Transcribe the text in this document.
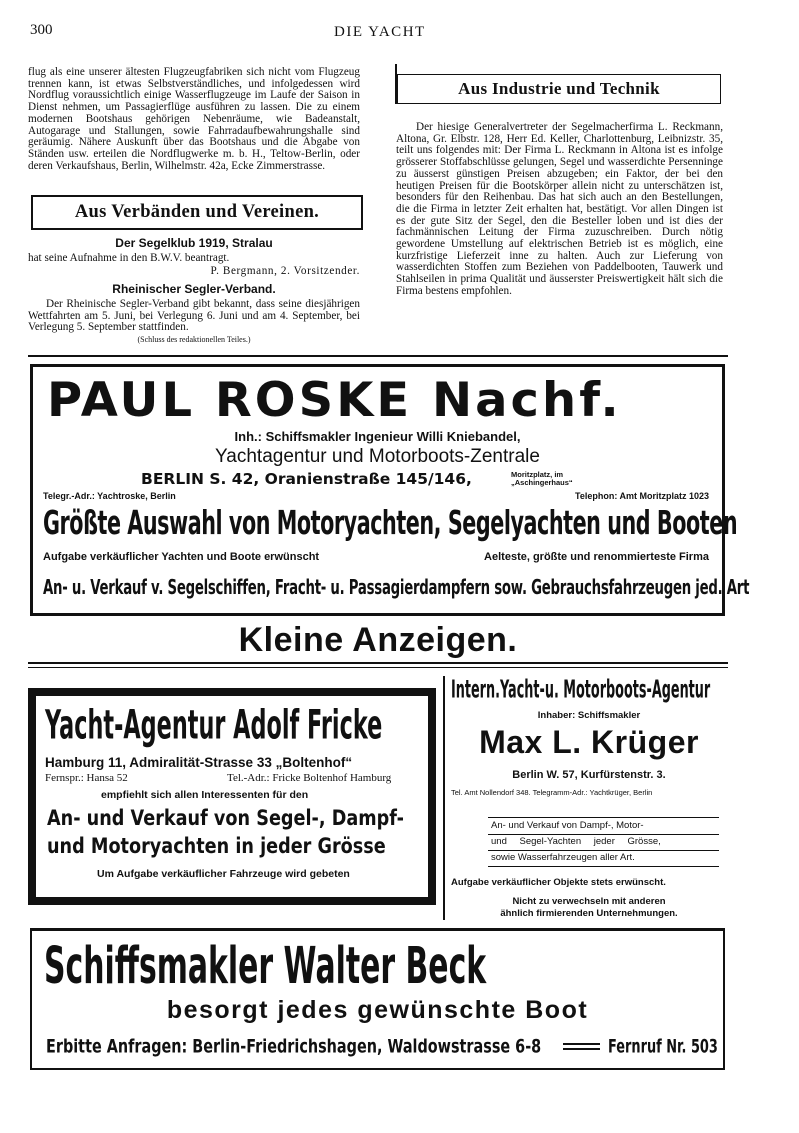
300	DIE YACHT

flug als eine unserer ältesten Flugzeugfabriken sich nicht vom Flugzeug trennen kann, ist etwas Selbstverständliches, und infolgedessen wird Nordflug voraussichtlich einige Wasserflugzeuge im Laufe der Saison in Dienst nehmen, um Passagierflüge ausführen zu lassen. Die zu einem modernen Bootshaus gehörigen Nebenräume, wie Badeanstalt, Autogarage und Stallungen, sowie Fahrradaufbewahrungshalle sind geräumig. Nähere Auskunft über das Bootshaus und die Abgabe von Ständen usw. erteilen die Nordflugwerke m. b. H., Teltow-Berlin, oder deren Verkaufshaus, Berlin, Wilhelmstr. 42a, Ecke Zimmerstrasse.

Aus Verbänden und Vereinen.
Der Segelklub 1919, Stralau
hat seine Aufnahme in den B.W.V. beantragt.
P. Bergmann, 2. Vorsitzender.
Rheinischer Segler-Verband.

Der Rheinische Segler-Verband gibt bekannt, dass seine diesjährigen Wettfahrten am 5. Juni, bei Verlegung 6. Juni und am 4. September, bei Verlegung 5. September stattfinden.

(Schluss des redaktionellen Teiles.)
Aus Industrie und Technik

Der hiesige Generalvertreter der Segelmacherfirma L. Reckmann, Altona, Gr. Elbstr. 128, Herr Ed. Keller, Charlottenburg, Leibnizstr. 35, teilt uns folgendes mit: Der Firma L. Reckmann in Altona ist es infolge grösserer Stoffabschlüsse gelungen, Segel und wasserdichte Persenninge zu äusserst günstigen Preisen abzugeben; ein Faktor, der bei den heutigen Preisen für die Bootskörper allein nicht zu unterschätzen ist, besonders für den Reihenbau. Das hat sich auch an den Bestellungen, die die Firma in letzter Zeit erhalten hat, bestätigt. Vor allen Dingen ist es der gute Sitz der Segel, den die Besteller loben und ist dies der fachmännischen Leitung der Firma zuzuschreiben. Durch nötig gewordene Umstellung auf elektrischen Betrieb ist es möglich, eine kurzfristige Lieferzeit inne zu halten. Auch zur Lieferung von wasserdichten Stoffen zum Beziehen von Paddelbooten, Tauwerk und Stahlseilen in prima Qualität und äusserster Preiswertigkeit hält sich die Firma bestens empfohlen.

PAUL ROSKE Nachf.
Inh.: Schiffsmakler Ingenieur Willi Kniebandel,
Yachtagentur und Motorboots-Zentrale
BERLIN S. 42, Oranienstraße 145/146,	Moritzplatz, im
„Aschingerhaus“
Telegr.-Adr.: Yachtroske, Berlin	Telephon: Amt Moritzplatz 1023
Größte Auswahl von Motoryachten, Segelyachten und Booten
Aufgabe verkäuflicher Yachten und Boote erwünscht	Aelteste, größte und renommierteste Firma
An- u. Verkauf v. Segelschiffen, Fracht- u. Passagierdampfern sow. Gebrauchsfahrzeugen jed. Art
Kleine Anzeigen.
Yacht-Agentur Adolf Fricke
Hamburg 11, Admiralität-Strasse 33 „Boltenhof“
Fernspr.: Hansa 52	Tel.-Adr.: Fricke Boltenhof Hamburg
empfiehlt sich allen Interessenten für den
An- und Verkauf von Segel-, Dampf-
und Motoryachten in jeder Grösse
Um Aufgabe verkäuflicher Fahrzeuge wird gebeten
Intern.Yacht-u. Motorboots-Agentur
Inhaber: Schiffsmakler
Max L. Krüger
Berlin W. 57, Kurfürstenstr. 3.
Tel. Amt Nollendorf 348. Telegramm-Adr.: Yachtkrüger, Berlin
An- und Verkauf von Dampf-, Motor-
und Segel-Yachten jeder Grösse,
sowie Wasserfahrzeugen aller Art.
Aufgabe verkäuflicher Objekte stets erwünscht.
Nicht zu verwechseln mit anderen
ähnlich firmierenden Unternehmungen.
Schiffsmakler Walter Beck
besorgt jedes gewünschte Boot
Erbitte Anfragen: Berlin-Friedrichshagen, Waldowstrasse 6-8	Fernruf Nr. 503
